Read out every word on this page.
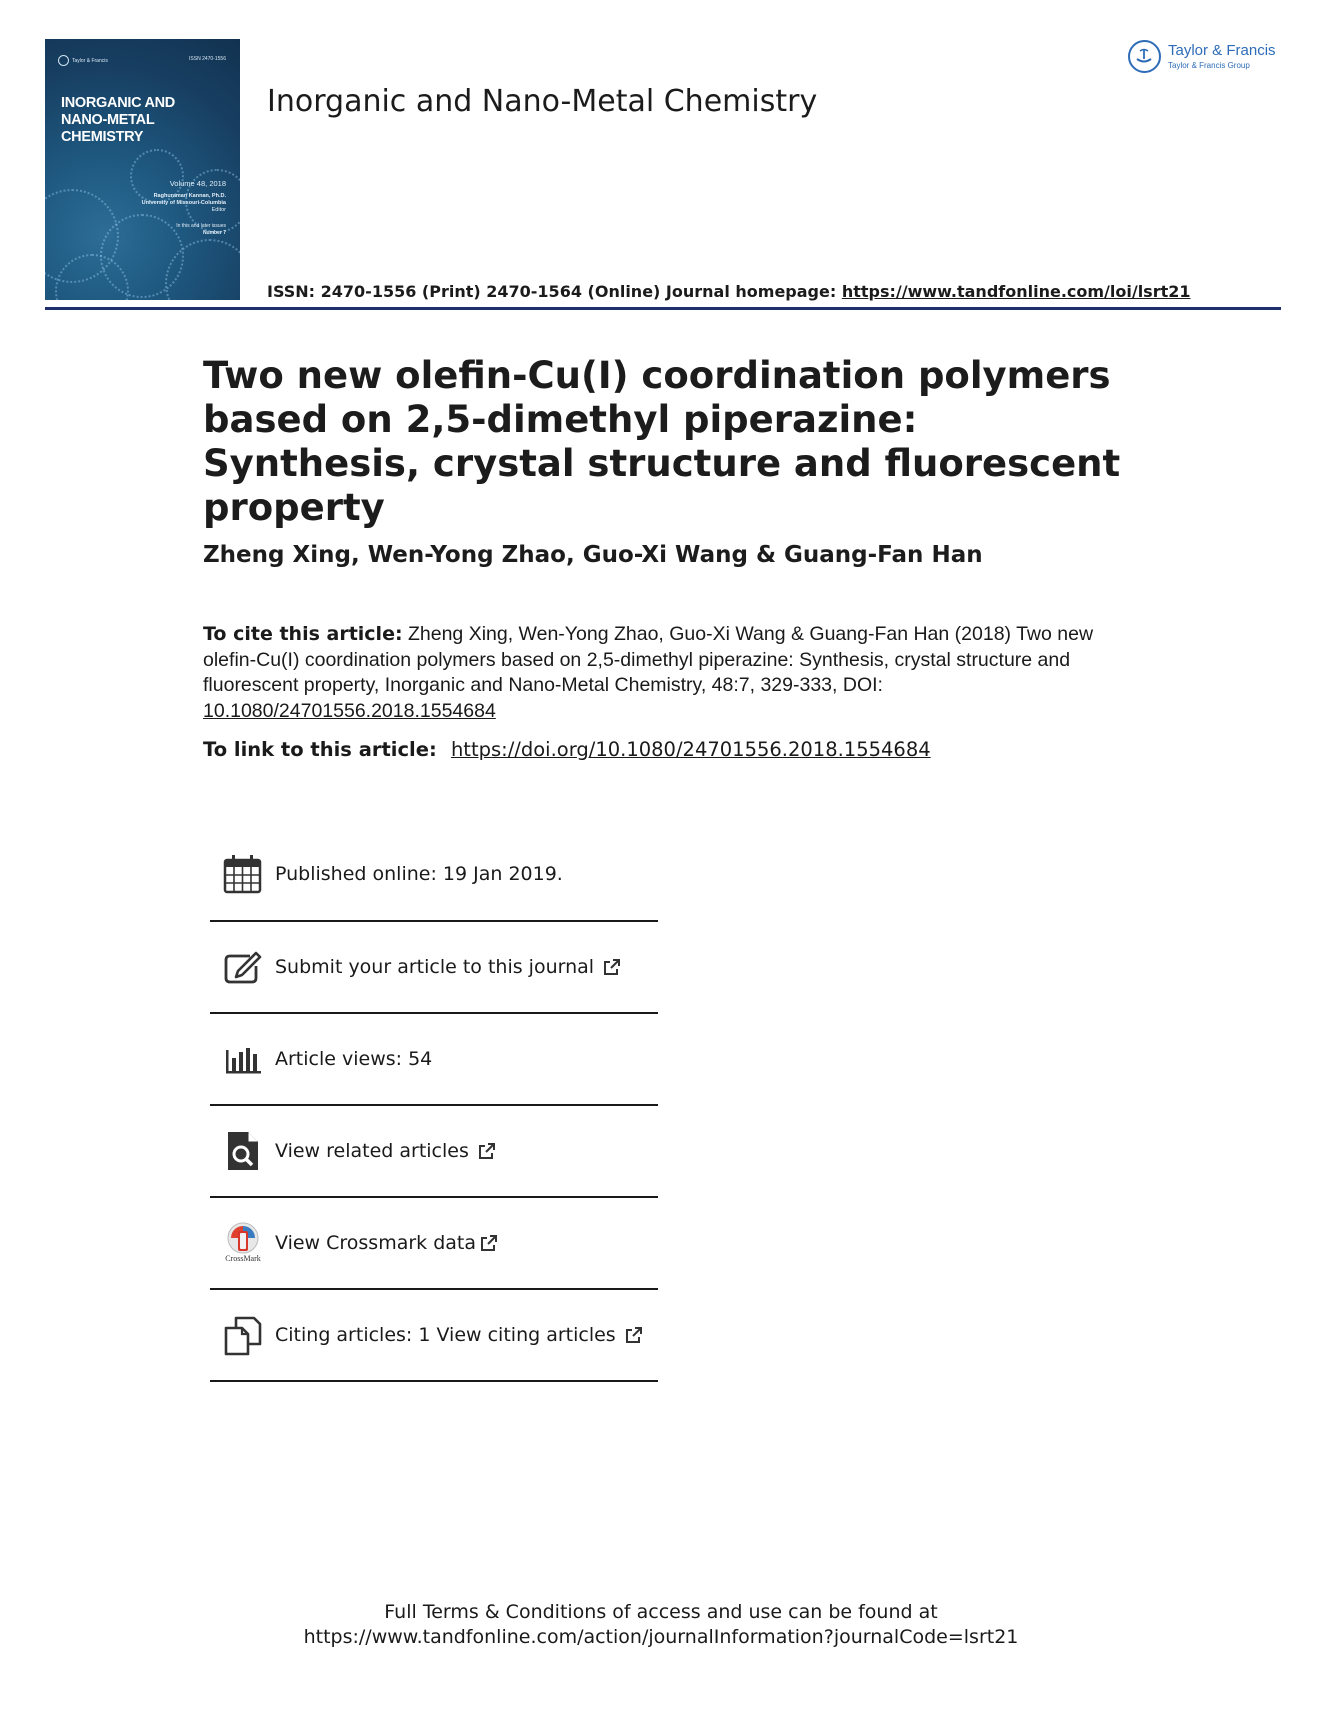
Taylor & Francis	ISSN 2470-1556
INORGANIC AND
NANO-METAL CHEMISTRY
Volume 48, 2018
Raghuraman Kannan, Ph.D.
University of Missouri-Columbia
Editor
In this and later issues
Number 7
Inorganic and Nano-Metal Chemistry
Taylor & Francis
Taylor & Francis Group
ISSN: 2470-1556 (Print) 2470-1564 (Online) Journal homepage: https://www.tandfonline.com/loi/lsrt21
Two new olefin-Cu(I) coordination polymers based on 2,5-dimethyl piperazine: Synthesis, crystal structure and fluorescent property
Zheng Xing, Wen-Yong Zhao, Guo-Xi Wang & Guang-Fan Han
To cite this article: Zheng Xing, Wen-Yong Zhao, Guo-Xi Wang & Guang-Fan Han (2018) Two new olefin-Cu(I) coordination polymers based on 2,5-dimethyl piperazine: Synthesis, crystal structure and fluorescent property, Inorganic and Nano-Metal Chemistry, 48:7, 329-333, DOI:
10.1080/24701556.2018.1554684
To link to this article: https://doi.org/10.1080/24701556.2018.1554684
Published online: 19 Jan 2019.
Submit your article to this journal
Article views: 54
View related articles
CrossMark
View Crossmark data
Citing articles: 1 View citing articles
Full Terms & Conditions of access and use can be found at
https://www.tandfonline.com/action/journalInformation?journalCode=lsrt21
